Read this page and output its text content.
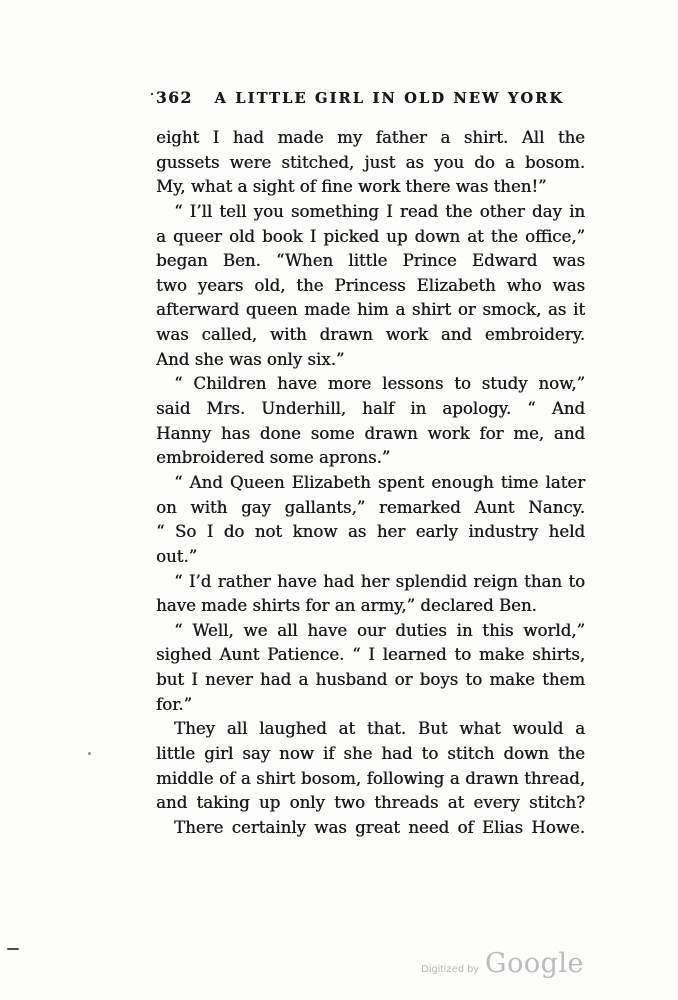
· 362	A LITTLE GIRL IN OLD NEW YORK
eight I had made my father a shirt. All the
gussets were stitched, just as you do a bosom.
My, what a sight of fine work there was then!”
“ I’ll tell you something I read the other day in
a queer old book I picked up down at the office,”
began Ben. “When little Prince Edward was
two years old, the Princess Elizabeth who was
afterward queen made him a shirt or smock, as it
was called, with drawn work and embroidery.
And she was only six.”
“ Children have more lessons to study now,”
said Mrs. Underhill, half in apology. “ And
Hanny has done some drawn work for me, and
embroidered some aprons.”
“ And Queen Elizabeth spent enough time later
on with gay gallants,” remarked Aunt Nancy.
“ So I do not know as her early industry held
out.”
“ I’d rather have had her splendid reign than to
have made shirts for an army,” declared Ben.
“ Well, we all have our duties in this world,”
sighed Aunt Patience. “ I learned to make shirts,
but I never had a husband or boys to make them
for.”
They all laughed at that. But what would a
little girl say now if she had to stitch down the
middle of a shirt bosom, following a drawn thread,
and taking up only two threads at every stitch?
There certainly was great need of Elias Howe.
Digitized by Google
